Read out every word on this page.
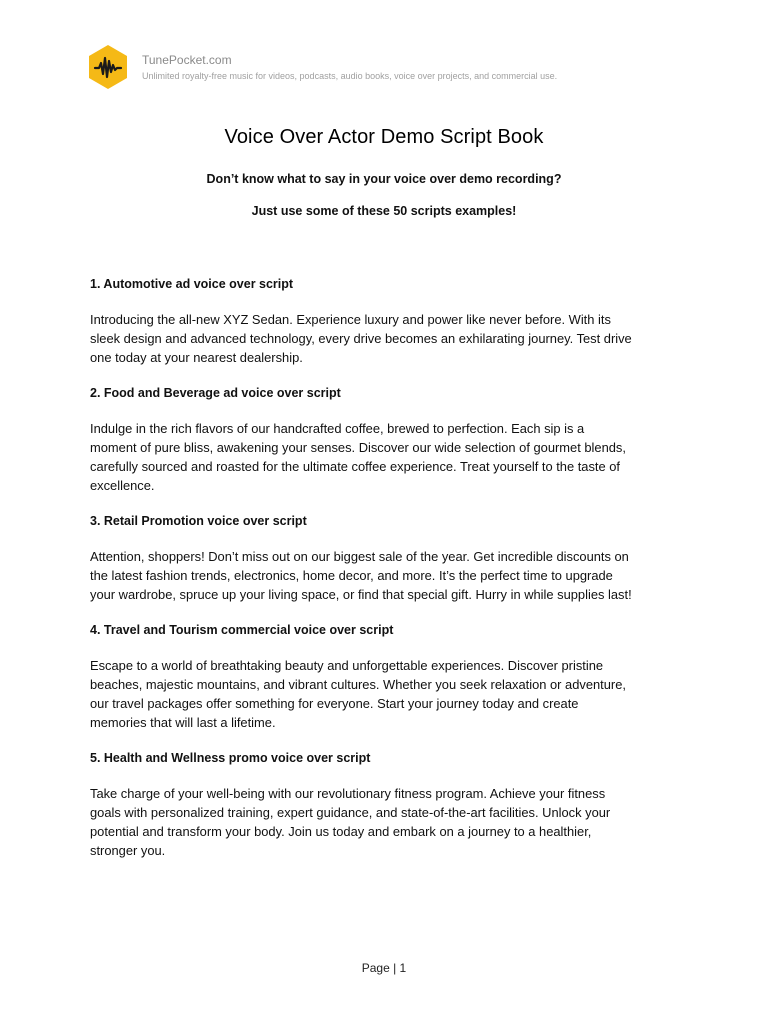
TunePocket.com
Unlimited royalty-free music for videos, podcasts, audio books, voice over projects, and commercial use.
Voice Over Actor Demo Script Book

Don’t know what to say in your voice over demo recording?

Just use some of these 50 scripts examples!

1. Automotive ad voice over script

Introducing the all-new XYZ Sedan. Experience luxury and power like never before. With its
sleek design and advanced technology, every drive becomes an exhilarating journey. Test drive
one today at your nearest dealership.

2. Food and Beverage ad voice over script

Indulge in the rich flavors of our handcrafted coffee, brewed to perfection. Each sip is a
moment of pure bliss, awakening your senses. Discover our wide selection of gourmet blends,
carefully sourced and roasted for the ultimate coffee experience. Treat yourself to the taste of
excellence.

3. Retail Promotion voice over script

Attention, shoppers! Don’t miss out on our biggest sale of the year. Get incredible discounts on
the latest fashion trends, electronics, home decor, and more. It’s the perfect time to upgrade
your wardrobe, spruce up your living space, or find that special gift. Hurry in while supplies last!

4. Travel and Tourism commercial voice over script

Escape to a world of breathtaking beauty and unforgettable experiences. Discover pristine
beaches, majestic mountains, and vibrant cultures. Whether you seek relaxation or adventure,
our travel packages offer something for everyone. Start your journey today and create
memories that will last a lifetime.

5. Health and Wellness promo voice over script

Take charge of your well-being with our revolutionary fitness program. Achieve your fitness
goals with personalized training, expert guidance, and state-of-the-art facilities. Unlock your
potential and transform your body. Join us today and embark on a journey to a healthier,
stronger you.

Page | 1
